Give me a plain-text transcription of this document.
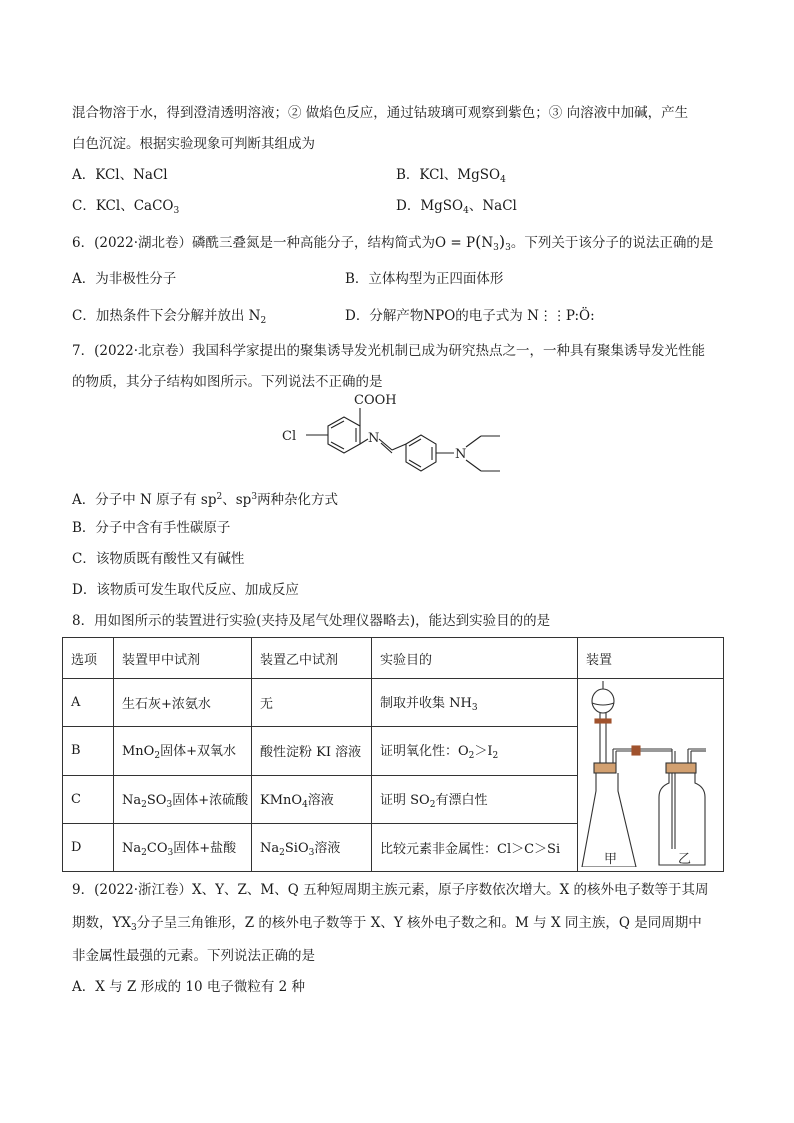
混合物溶于水，得到澄清透明溶液；② 做焰色反应，通过钴玻璃可观察到紫色；③ 向溶液中加碱，产生
白色沉淀。根据实验现象可判断其组成为
A．KCl、NaCl	B．KCl、MgSO$_4$
C．KCl、CaCO$_3$	D．MgSO$_4$、NaCl
6．(2022·湖北卷）磷酰三叠氮是一种高能分子，结构简式为$O = P(N_3)_3$。下列关于该分子的说法正确的是
A．为非极性分子	B．立体构型为正四面体形
C．加热条件下会分解并放出 $N_2$	D．分解产物NPO的电子式为 N⋮⋮P:Ö:
7．(2022·北京卷）我国科学家提出的聚集诱导发光机制已成为研究热点之一，一种具有聚集诱导发光性能
的物质，其分子结构如图所示。下列说法不正确的是
COOH
Cl	N
N
A．分子中 N 原子有 $sp^2$、$sp^3$两种杂化方式
B．分子中含有手性碳原子
C．该物质既有酸性又有碱性
D．该物质可发生取代反应、加成反应
8．用如图所示的装置进行实验(夹持及尾气处理仪器略去)，能达到实验目的的是
选项	装置甲中试剂	装置乙中试剂	实验目的	装置
A	生石灰+浓氨水	无	制取并收集 $NH_3$	甲 乙

B	MnO$_2$固体+双氧水	酸性淀粉 KI 溶液	证明氧化性：$O_2>I_2$
C	$Na_2SO_3$固体+浓硫酸	KMnO$_4$溶液	证明 $SO_2$有漂白性	
D	$Na_2CO_3$固体+盐酸	$Na_2SiO_3$溶液	比较元素非金属性：Cl＞C＞Si	
9．(2022·浙江卷）X、Y、Z、M、Q 五种短周期主族元素，原子序数依次增大。X 的核外电子数等于其周
期数，$YX_3$分子呈三角锥形，Z 的核外电子数等于 X、Y 核外电子数之和。M 与 X 同主族，Q 是同周期中
非金属性最强的元素。下列说法正确的是
A．X 与 Z 形成的 10 电子微粒有 2 种
